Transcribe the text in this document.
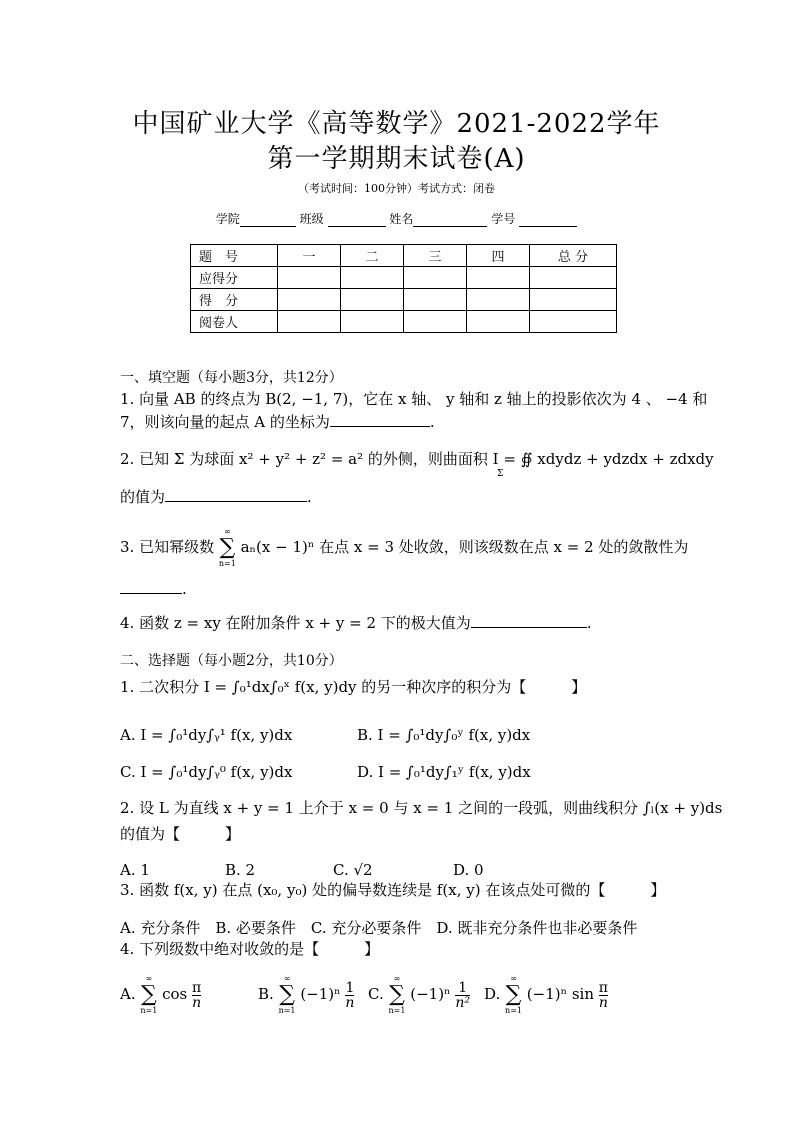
中国矿业大学《高等数学》2021-2022学年
第一学期期末试卷(A)
（考试时间：100分钟）考试方式：闭卷
学院	班级	姓名	学号
题　号	一	二	三	四	总 分
应得分					
得　分					
阅卷人					
一、填空题（每小题3分，共12分）
1. 向量 AB 的终点为 B(2, −1, 7)，它在 x 轴、 y 轴和 z 轴上的投影依次为 4 、 −4 和
7，则该向量的起点 A 的坐标为	.
2. 已知 Σ 为球面 x² + y² + z² = a² 的外侧，则曲面积 I = ∯ xdydz + ydzdx + zdxdy
Σ
的值为	.
3. 已知幂级数
∞
∑
n=1
aₙ(x − 1)ⁿ 在点 x = 3 处收敛，则该级数在点 x = 2 处的敛散性为
.
4. 函数 z = xy 在附加条件 x + y = 2 下的极大值为	.
二、选择题（每小题2分，共10分）
1. 二次积分 I = ∫₀¹dx∫₀ˣ f(x, y)dy 的另一种次序的积分为【　　　】
A. I = ∫₀¹dy∫ᵧ¹ f(x, y)dx	B. I = ∫₀¹dy∫₀ʸ f(x, y)dx
C. I = ∫₀¹dy∫ᵧ⁰ f(x, y)dx	D. I = ∫₀¹dy∫₁ʸ f(x, y)dx
2. 设 L 为直线 x + y = 1 上介于 x = 0 与 x = 1 之间的一段弧，则曲线积分 ∫ₗ(x + y)ds
的值为【　　　】
A. 1	B. 2	C. √2	D. 0
3. 函数 f(x, y) 在点 (x₀, y₀) 处的偏导数连续是 f(x, y) 在该点处可微的【　　　】
A. 充分条件　B. 必要条件　C. 充分必要条件　D. 既非充分条件也非必要条件
4. 下列级数中绝对收敛的是【　　　】
A.
∞
∑
n=1
$\cos \frac{\pi}{n}$	B.
∞
∑
n=1
$(-1)^n \frac{1}{n} C$.
∞
∑
n=1
$(-1)^n \frac{1}{\text{n²}} D$.
∞
∑
n=1
(−1)ⁿ $\sin \frac{\pi}{n}$
